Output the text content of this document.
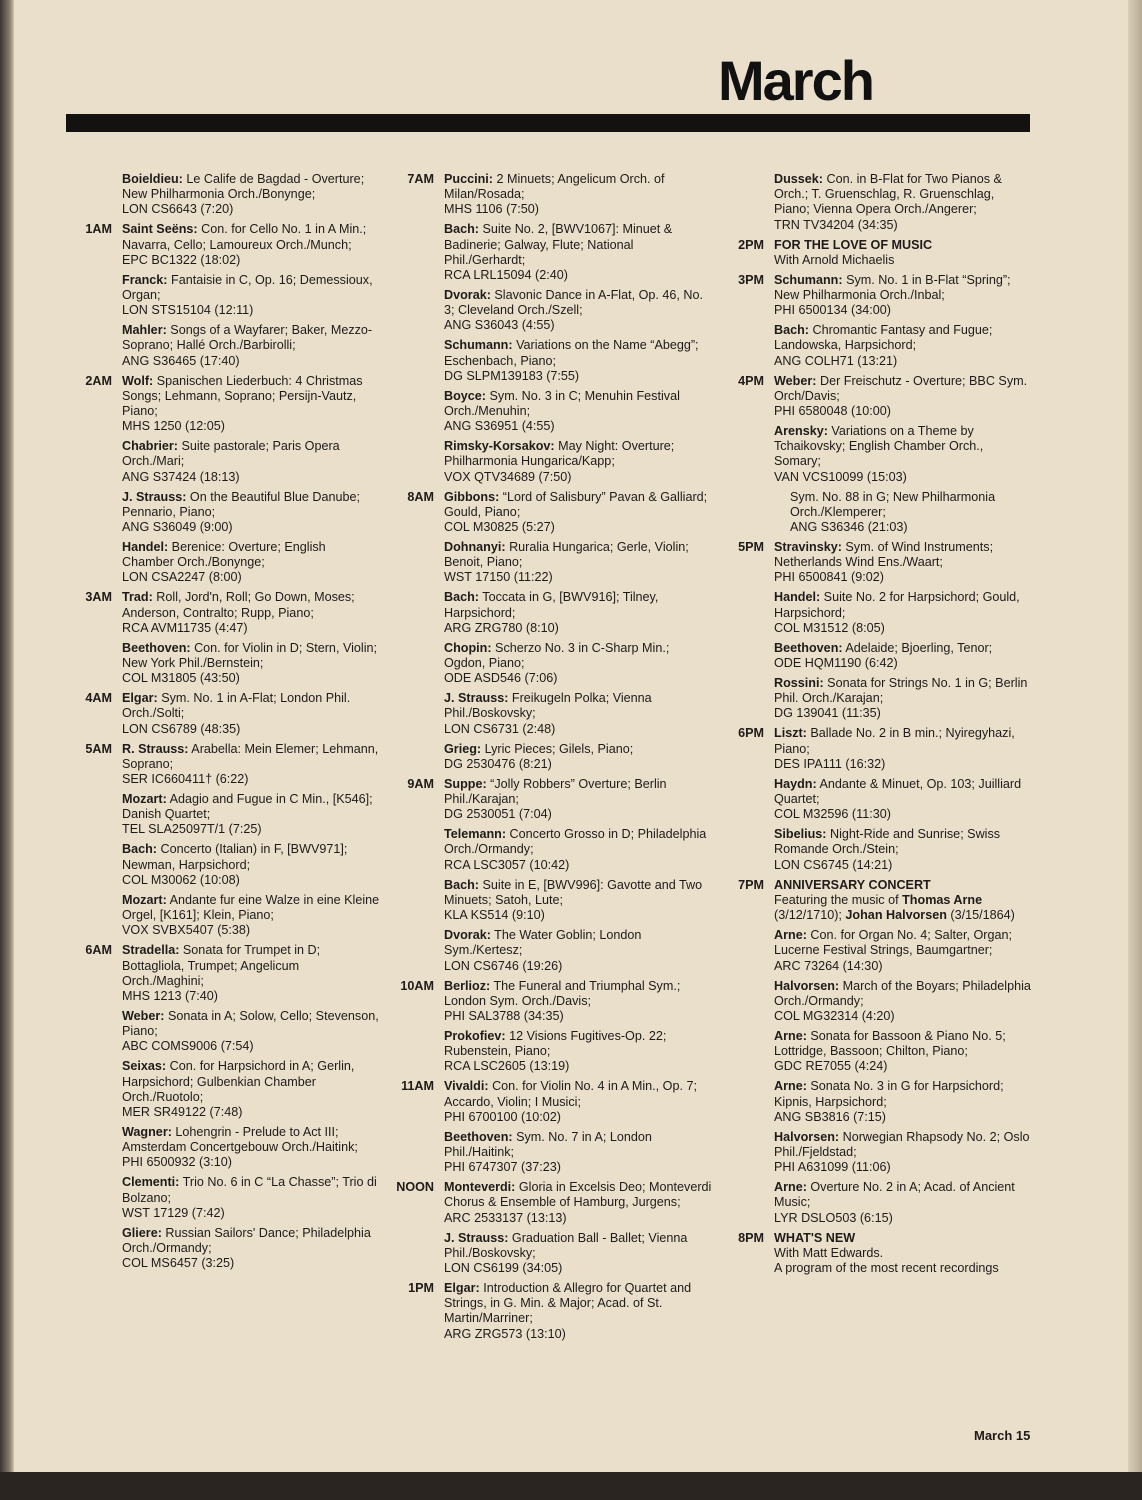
March
Boieldieu: Le Calife de Bagdad - Overture; New Philharmonia Orch./Bonynge;
LON CS6643 (7:20)
1AM Saint Seëns: Con. for Cello No. 1 in A Min.; Navarra, Cello; Lamoureux Orch./Munch;
EPC BC1322 (18:02)
Franck: Fantaisie in C, Op. 16; Demessioux, Organ;
LON STS15104 (12:11)
Mahler: Songs of a Wayfarer; Baker, Mezzo-Soprano; Hallé Orch./Barbirolli;
ANG S36465 (17:40)
2AM Wolf: Spanischen Liederbuch: 4 Christmas Songs; Lehmann, Soprano; Persijn-Vautz, Piano;
MHS 1250 (12:05)
Chabrier: Suite pastorale; Paris Opera Orch./Mari;
ANG S37424 (18:13)
J. Strauss: On the Beautiful Blue Danube; Pennario, Piano;
ANG S36049 (9:00)
Handel: Berenice: Overture; English Chamber Orch./Bonynge;
LON CSA2247 (8:00)
3AM Trad: Roll, Jord'n, Roll; Go Down, Moses; Anderson, Contralto; Rupp, Piano;
RCA AVM11735 (4:47)
Beethoven: Con. for Violin in D; Stern, Violin; New York Phil./Bernstein;
COL M31805 (43:50)
4AM Elgar: Sym. No. 1 in A-Flat; London Phil. Orch./Solti;
LON CS6789 (48:35)
5AM R. Strauss: Arabella: Mein Elemer; Lehmann, Soprano;
SER IC660411† (6:22)
Mozart: Adagio and Fugue in C Min., [K546]; Danish Quartet;
TEL SLA25097T/1 (7:25)
Bach: Concerto (Italian) in F, [BWV971]; Newman, Harpsichord;
COL M30062 (10:08)
Mozart: Andante fur eine Walze in eine Kleine Orgel, [K161]; Klein, Piano;
VOX SVBX5407 (5:38)
6AM Stradella: Sonata for Trumpet in D; Bottagliola, Trumpet; Angelicum Orch./Maghini;
MHS 1213 (7:40)
Weber: Sonata in A; Solow, Cello; Stevenson, Piano;
ABC COMS9006 (7:54)
Seixas: Con. for Harpsichord in A; Gerlin, Harpsichord; Gulbenkian Chamber Orch./Ruotolo;
MER SR49122 (7:48)
Wagner: Lohengrin - Prelude to Act III; Amsterdam Concertgebouw Orch./Haitink;
PHI 6500932 (3:10)
Clementi: Trio No. 6 in C “La Chasse”; Trio di Bolzano;
WST 17129 (7:42)
Gliere: Russian Sailors' Dance; Philadelphia Orch./Ormandy;
COL MS6457 (3:25)
7AM Puccini: 2 Minuets; Angelicum Orch. of Milan/Rosada;
MHS 1106 (7:50)
Bach: Suite No. 2, [BWV1067]: Minuet & Badinerie; Galway, Flute; National Phil./Gerhardt;
RCA LRL15094 (2:40)
Dvorak: Slavonic Dance in A-Flat, Op. 46, No. 3; Cleveland Orch./Szell;
ANG S36043 (4:55)
Schumann: Variations on the Name “Abegg”; Eschenbach, Piano;
DG SLPM139183 (7:55)
Boyce: Sym. No. 3 in C; Menuhin Festival Orch./Menuhin;
ANG S36951 (4:55)
Rimsky-Korsakov: May Night: Overture; Philharmonia Hungarica/Kapp;
VOX QTV34689 (7:50)
8AM Gibbons: “Lord of Salisbury” Pavan & Galliard; Gould, Piano;
COL M30825 (5:27)
Dohnanyi: Ruralia Hungarica; Gerle, Violin; Benoit, Piano;
WST 17150 (11:22)
Bach: Toccata in G, [BWV916]; Tilney, Harpsichord;
ARG ZRG780 (8:10)
Chopin: Scherzo No. 3 in C-Sharp Min.; Ogdon, Piano;
ODE ASD546 (7:06)
J. Strauss: Freikugeln Polka; Vienna Phil./Boskovsky;
LON CS6731 (2:48)
Grieg: Lyric Pieces; Gilels, Piano;
DG 2530476 (8:21)
9AM Suppe: “Jolly Robbers” Overture; Berlin Phil./Karajan;
DG 2530051 (7:04)
Telemann: Concerto Grosso in D; Philadelphia Orch./Ormandy;
RCA LSC3057 (10:42)
Bach: Suite in E, [BWV996]: Gavotte and Two Minuets; Satoh, Lute;
KLA KS514 (9:10)
Dvorak: The Water Goblin; London Sym./Kertesz;
LON CS6746 (19:26)
10AM Berlioz: The Funeral and Triumphal Sym.; London Sym. Orch./Davis;
PHI SAL3788 (34:35)
Prokofiev: 12 Visions Fugitives-Op. 22; Rubenstein, Piano;
RCA LSC2605 (13:19)
11AM Vivaldi: Con. for Violin No. 4 in A Min., Op. 7; Accardo, Violin; I Musici;
PHI 6700100 (10:02)
Beethoven: Sym. No. 7 in A; London Phil./Haitink;
PHI 6747307 (37:23)
NOON Monteverdi: Gloria in Excelsis Deo; Monteverdi Chorus & Ensemble of Hamburg, Jurgens;
ARC 2533137 (13:13)
J. Strauss: Graduation Ball - Ballet; Vienna Phil./Boskovsky;
LON CS6199 (34:05)
1PM Elgar: Introduction & Allegro for Quartet and Strings, in G. Min. & Major; Acad. of St. Martin/Marriner;
ARG ZRG573 (13:10)
Dussek: Con. in B-Flat for Two Pianos & Orch.; T. Gruenschlag, R. Gruenschlag, Piano; Vienna Opera Orch./Angerer;
TRN TV34204 (34:35)
2PM FOR THE LOVE OF MUSIC
With Arnold Michaelis
3PM Schumann: Sym. No. 1 in B-Flat “Spring”; New Philharmonia Orch./Inbal;
PHI 6500134 (34:00)
Bach: Chromantic Fantasy and Fugue; Landowska, Harpsichord;
ANG COLH71 (13:21)
4PM Weber: Der Freischutz - Overture; BBC Sym. Orch/Davis;
PHI 6580048 (10:00)
Arensky: Variations on a Theme by Tchaikovsky; English Chamber Orch., Somary;
VAN VCS10099 (15:03)
Sym. No. 88 in G; New Philharmonia Orch./Klemperer;
ANG S36346 (21:03)
5PM Stravinsky: Sym. of Wind Instruments; Netherlands Wind Ens./Waart;
PHI 6500841 (9:02)
Handel: Suite No. 2 for Harpsichord; Gould, Harpsichord;
COL M31512 (8:05)
Beethoven: Adelaide; Bjoerling, Tenor;
ODE HQM1190 (6:42)
Rossini: Sonata for Strings No. 1 in G; Berlin Phil. Orch./Karajan;
DG 139041 (11:35)
6PM Liszt: Ballade No. 2 in B min.; Nyiregyhazi, Piano;
DES IPA111 (16:32)
Haydn: Andante & Minuet, Op. 103; Juilliard Quartet;
COL M32596 (11:30)
Sibelius: Night-Ride and Sunrise; Swiss Romande Orch./Stein;
LON CS6745 (14:21)
7PM ANNIVERSARY CONCERT
Featuring the music of Thomas Arne (3/12/1710); Johan Halvorsen (3/15/1864)
Arne: Con. for Organ No. 4; Salter, Organ; Lucerne Festival Strings, Baumgartner;
ARC 73264 (14:30)
Halvorsen: March of the Boyars; Philadelphia Orch./Ormandy;
COL MG32314 (4:20)
Arne: Sonata for Bassoon & Piano No. 5; Lottridge, Bassoon; Chilton, Piano;
GDC RE7055 (4:24)
Arne: Sonata No. 3 in G for Harpsichord; Kipnis, Harpsichord;
ANG SB3816 (7:15)
Halvorsen: Norwegian Rhapsody No. 2; Oslo Phil./Fjeldstad;
PHI A631099 (11:06)
Arne: Overture No. 2 in A; Acad. of Ancient Music;
LYR DSLO503 (6:15)
8PM WHAT'S NEW
With Matt Edwards.
A program of the most recent recordings
March 15
